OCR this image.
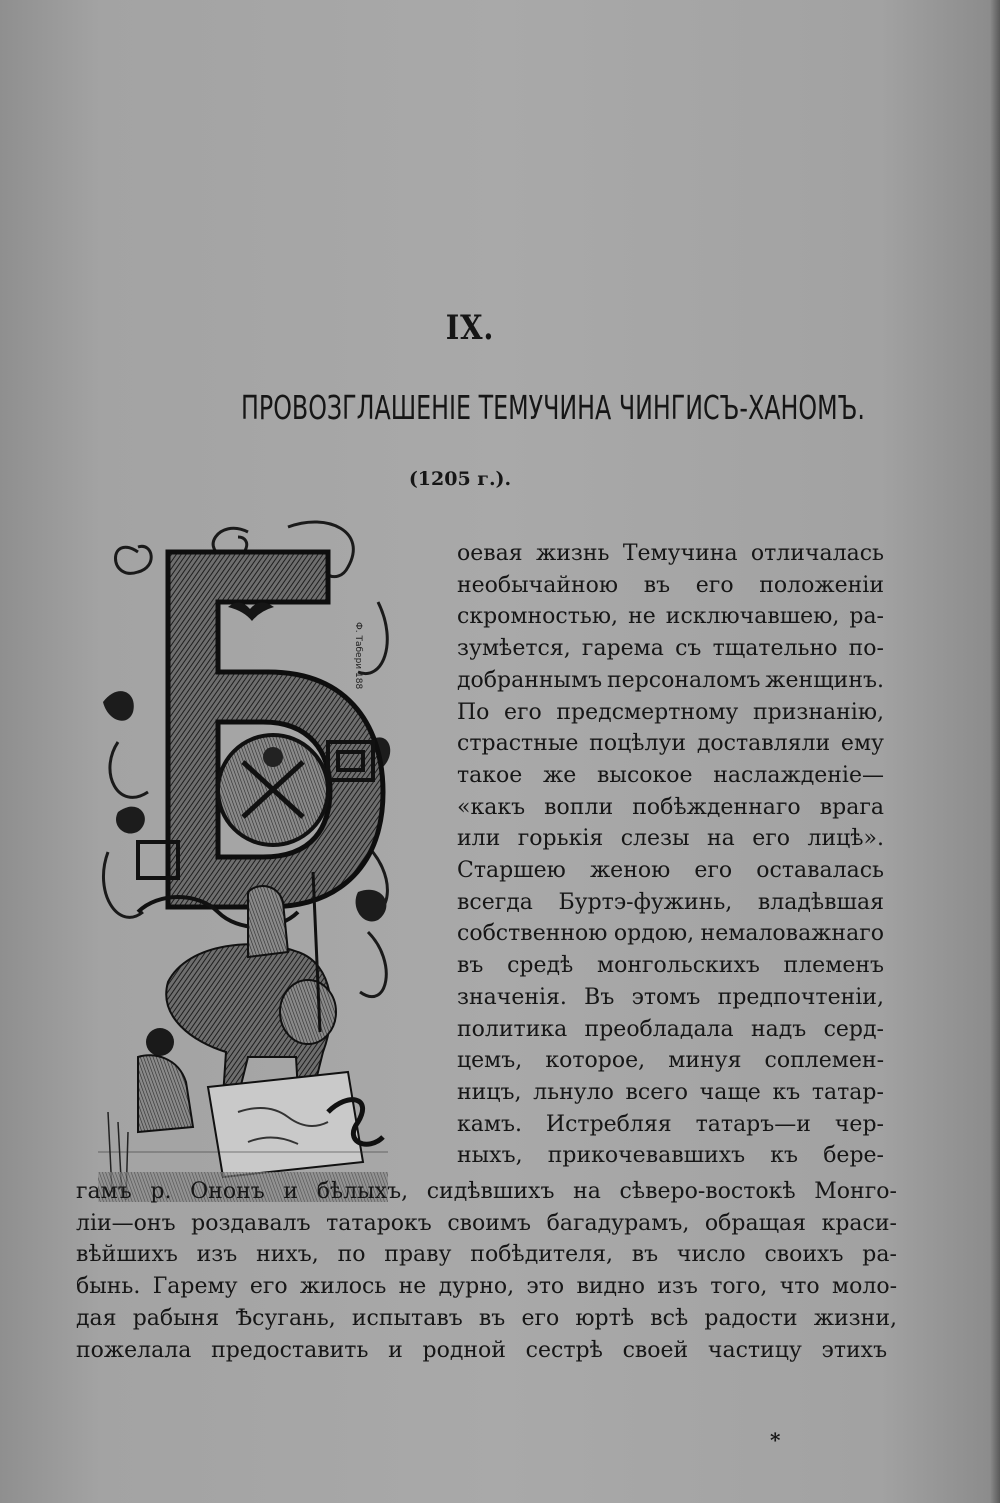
IX.
ПРОВОЗГЛАШЕНІЕ ТЕМУЧИНА ЧИНГИСЪ-ХАНОМЪ.
(1205 г.).
Ф. Табери 188
оевая жизнь Темучина отличалась
необычайною въ его положеніи
скромностью, не исключавшею, ра-
зумѣется, гарема съ тщательно по-
добраннымъ персоналомъ женщинъ.
По его предсмертному признанію,
страстные поцѣлуи доставляли ему
такое же высокое наслажденіе—
«какъ вопли побѣжденнаго врага
или горькія слезы на его лицѣ».
Старшею женою его оставалась
всегда Буртэ-фужинь, владѣвшая
собственною ордою, немаловажнаго
въ средѣ монгольскихъ племенъ
значенія. Въ этомъ предпочтеніи,
политика преобладала надъ серд-
цемъ, которое, минуя соплемен-
ницъ, льнуло всего чаще къ татар-
камъ. Истребляя татаръ—и чер-
ныхъ, прикочевавшихъ къ бере-
гамъ р. Ононъ и бѣлыхъ, сидѣвшихъ на сѣверо-востокѣ Монго-
ліи—онъ роздавалъ татарокъ своимъ багадурамъ, обращая краси-
вѣйшихъ изъ нихъ, по праву побѣдителя, въ число своихъ ра-
бынь. Гарему его жилось не дурно, это видно изъ того, что моло-
дая рабыня Ѣсугань, испытавъ въ его юртѣ всѣ радости жизни,
пожелала предоставить и родной сестрѣ своей частицу этихъ
*
